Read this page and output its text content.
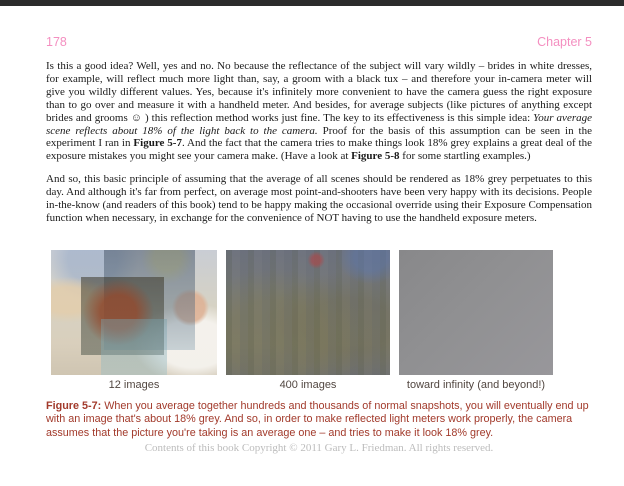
178	Chapter 5
Is this a good idea? Well, yes and no. No because the reflectance of the subject will vary wildly – brides in white dresses, for example, will reflect much more light than, say, a groom with a black tux – and therefore your in-camera meter will give you wildly different values. Yes, because it's infinitely more convenient to have the camera guess the right exposure than to go over and measure it with a handheld meter. And besides, for average subjects (like pictures of anything except brides and grooms ☺ ) this reflection method works just fine. The key to its effectiveness is this simple idea: Your average scene reflects about 18% of the light back to the camera. Proof for the basis of this assumption can be seen in the experiment I ran in Figure 5-7. And the fact that the camera tries to make things look 18% grey explains a great deal of the exposure mistakes you might see your camera make. (Have a look at Figure 5-8 for some startling examples.)
And so, this basic principle of assuming that the average of all scenes should be rendered as 18% grey perpetuates to this day. And although it's far from perfect, on average most point-and-shooters have been very happy with its decisions. People in-the-know (and readers of this book) tend to be happy making the occasional override using their Exposure Compensation function when necessary, in exchange for the convenience of NOT having to use the handheld exposure meters.
12 images	400 images	toward infinity (and beyond!)
Figure 5-7: When you average together hundreds and thousands of normal snapshots, you will eventually end up with an image that's about 18% grey. And so, in order to make reflected light meters work properly, the camera assumes that the picture you're taking is an average one – and tries to make it look 18% grey.
Contents of this book Copyright © 2011 Gary L. Friedman. All rights reserved.
